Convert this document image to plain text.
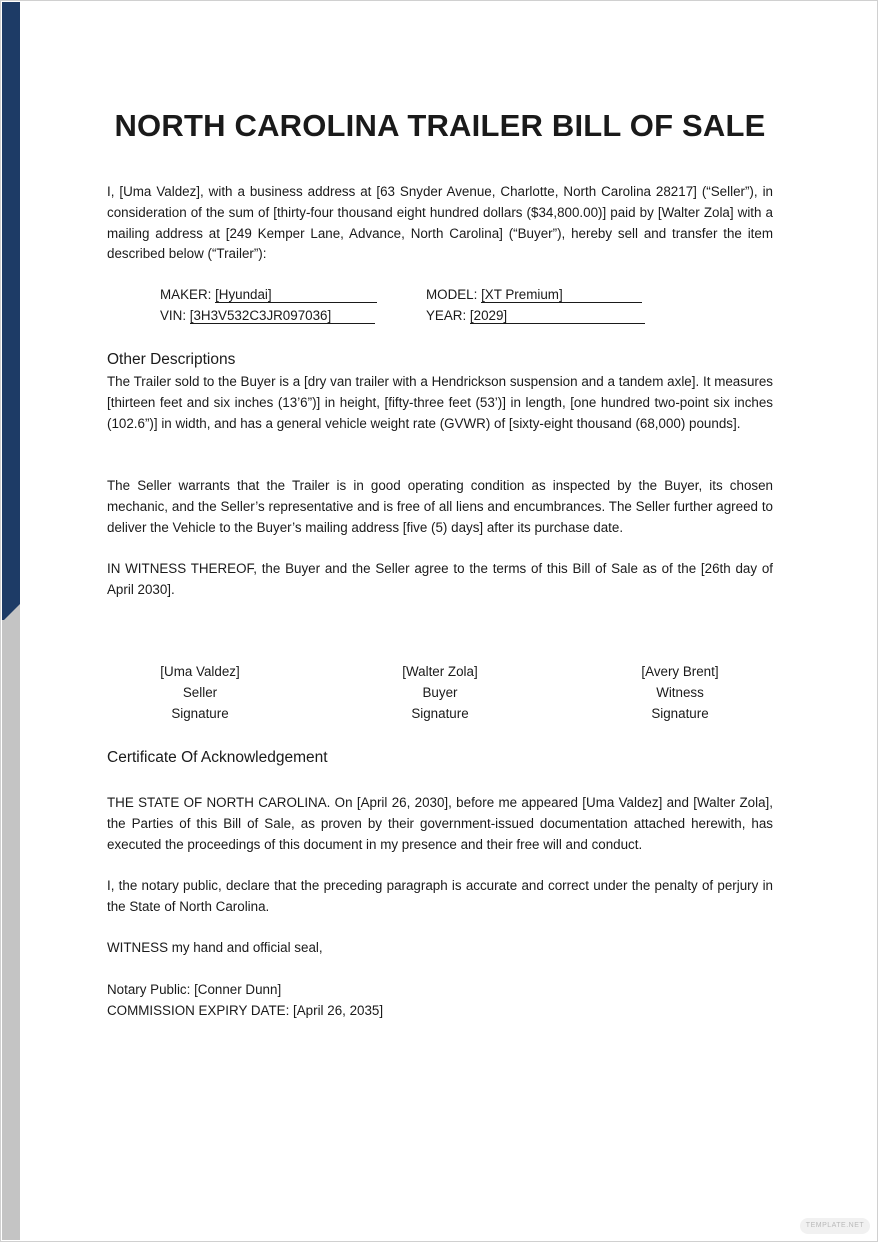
NORTH CAROLINA TRAILER BILL OF SALE

I, [Uma Valdez], with a business address at [63 Snyder Avenue, Charlotte, North Carolina 28217] (“Seller”), in consideration of the sum of [thirty-four thousand eight hundred dollars ($34,800.00)] paid by [Walter Zola] with a mailing address at [249 Kemper Lane, Advance, North Carolina] (“Buyer”), hereby sell and transfer the item described below (“Trailer”):

MAKER: [Hyundai]
VIN: [3H3V532C3JR097036]
MODEL: [XT Premium]
YEAR: [2029]

Other Descriptions

The Trailer sold to the Buyer is a [dry van trailer with a Hendrickson suspension and a tandem axle]. It measures [thirteen feet and six inches (13’6”)] in height, [fifty-three feet (53’)] in length, [one hundred two-point six inches (102.6”)] in width, and has a general vehicle weight rate (GVWR) of [sixty-eight thousand (68,000) pounds].

The Seller warrants that the Trailer is in good operating condition as inspected by the Buyer, its chosen mechanic, and the Seller’s representative and is free of all liens and encumbrances. The Seller further agreed to deliver the Vehicle to the Buyer’s mailing address [five (5) days] after its purchase date.

IN WITNESS THEREOF, the Buyer and the Seller agree to the terms of this Bill of Sale as of the [26th day of April 2030].

[Uma Valdez]
Seller
Signature
[Walter Zola]
Buyer
Signature
[Avery Brent]
Witness
Signature

Certificate Of Acknowledgement

THE STATE OF NORTH CAROLINA. On [April 26, 2030], before me appeared [Uma Valdez] and [Walter Zola], the Parties of this Bill of Sale, as proven by their government-issued documentation attached herewith, has executed the proceedings of this document in my presence and their free will and conduct.

I, the notary public, declare that the preceding paragraph is accurate and correct under the penalty of perjury in the State of North Carolina.

WITNESS my hand and official seal,

Notary Public: [Conner Dunn]

COMMISSION EXPIRY DATE: [April 26, 2035]

TEMPLATE.NET
